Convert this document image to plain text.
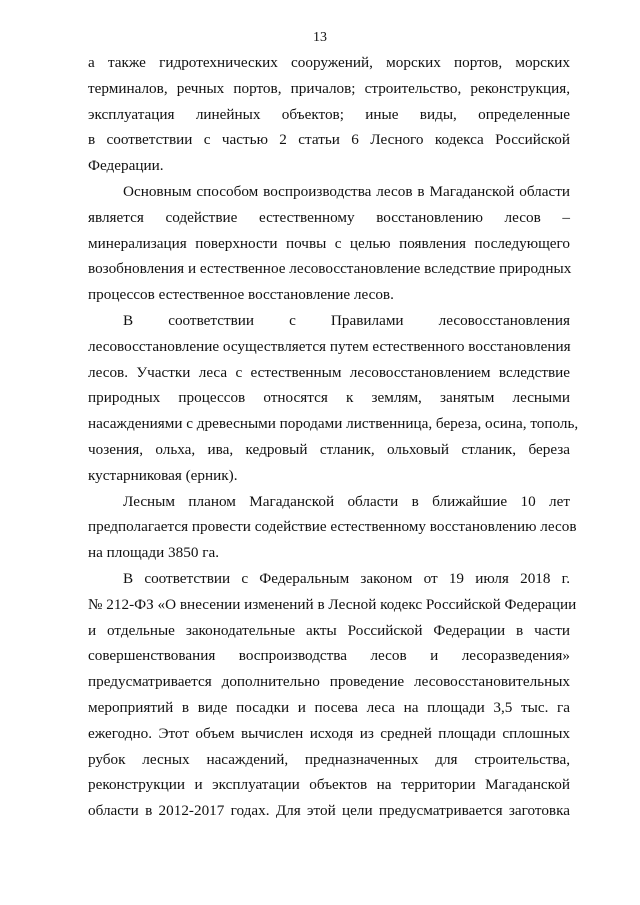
13
а также гидротехнических сооружений, морских портов, морских
терминалов, речных портов, причалов; строительство, реконструкция,
эксплуатация линейных объектов; иные виды, определенные
в соответствии с частью 2 статьи 6 Лесного кодекса Российской
Федерации.
Основным способом воспроизводства лесов в Магаданской области
является содействие естественному восстановлению лесов –
минерализация поверхности почвы с целью появления последующего
возобновления и естественное лесовосстановление вследствие природных
процессов естественное восстановление лесов.
В соответствии с Правилами лесовосстановления
лесовосстановление осуществляется путем естественного восстановления
лесов. Участки леса с естественным лесовосстановлением вследствие
природных процессов относятся к землям, занятым лесными
насаждениями с древесными породами лиственница, береза, осина, тополь,
чозения, ольха, ива, кедровый стланик, ольховый стланик, береза
кустарниковая (ерник).
Лесным планом Магаданской области в ближайшие 10 лет
предполагается провести содействие естественному восстановлению лесов
на площади 3850 га.
В соответствии с Федеральным законом от 19 июля 2018 г.
№ 212-ФЗ «О внесении изменений в Лесной кодекс Российской Федерации
и отдельные законодательные акты Российской Федерации в части
совершенствования воспроизводства лесов и лесоразведения»
предусматривается дополнительно проведение лесовосстановительных
мероприятий в виде посадки и посева леса на площади 3,5 тыс. га
ежегодно. Этот объем вычислен исходя из средней площади сплошных
рубок лесных насаждений, предназначенных для строительства,
реконструкции и эксплуатации объектов на территории Магаданской
области в 2012-2017 годах. Для этой цели предусматривается заготовка
